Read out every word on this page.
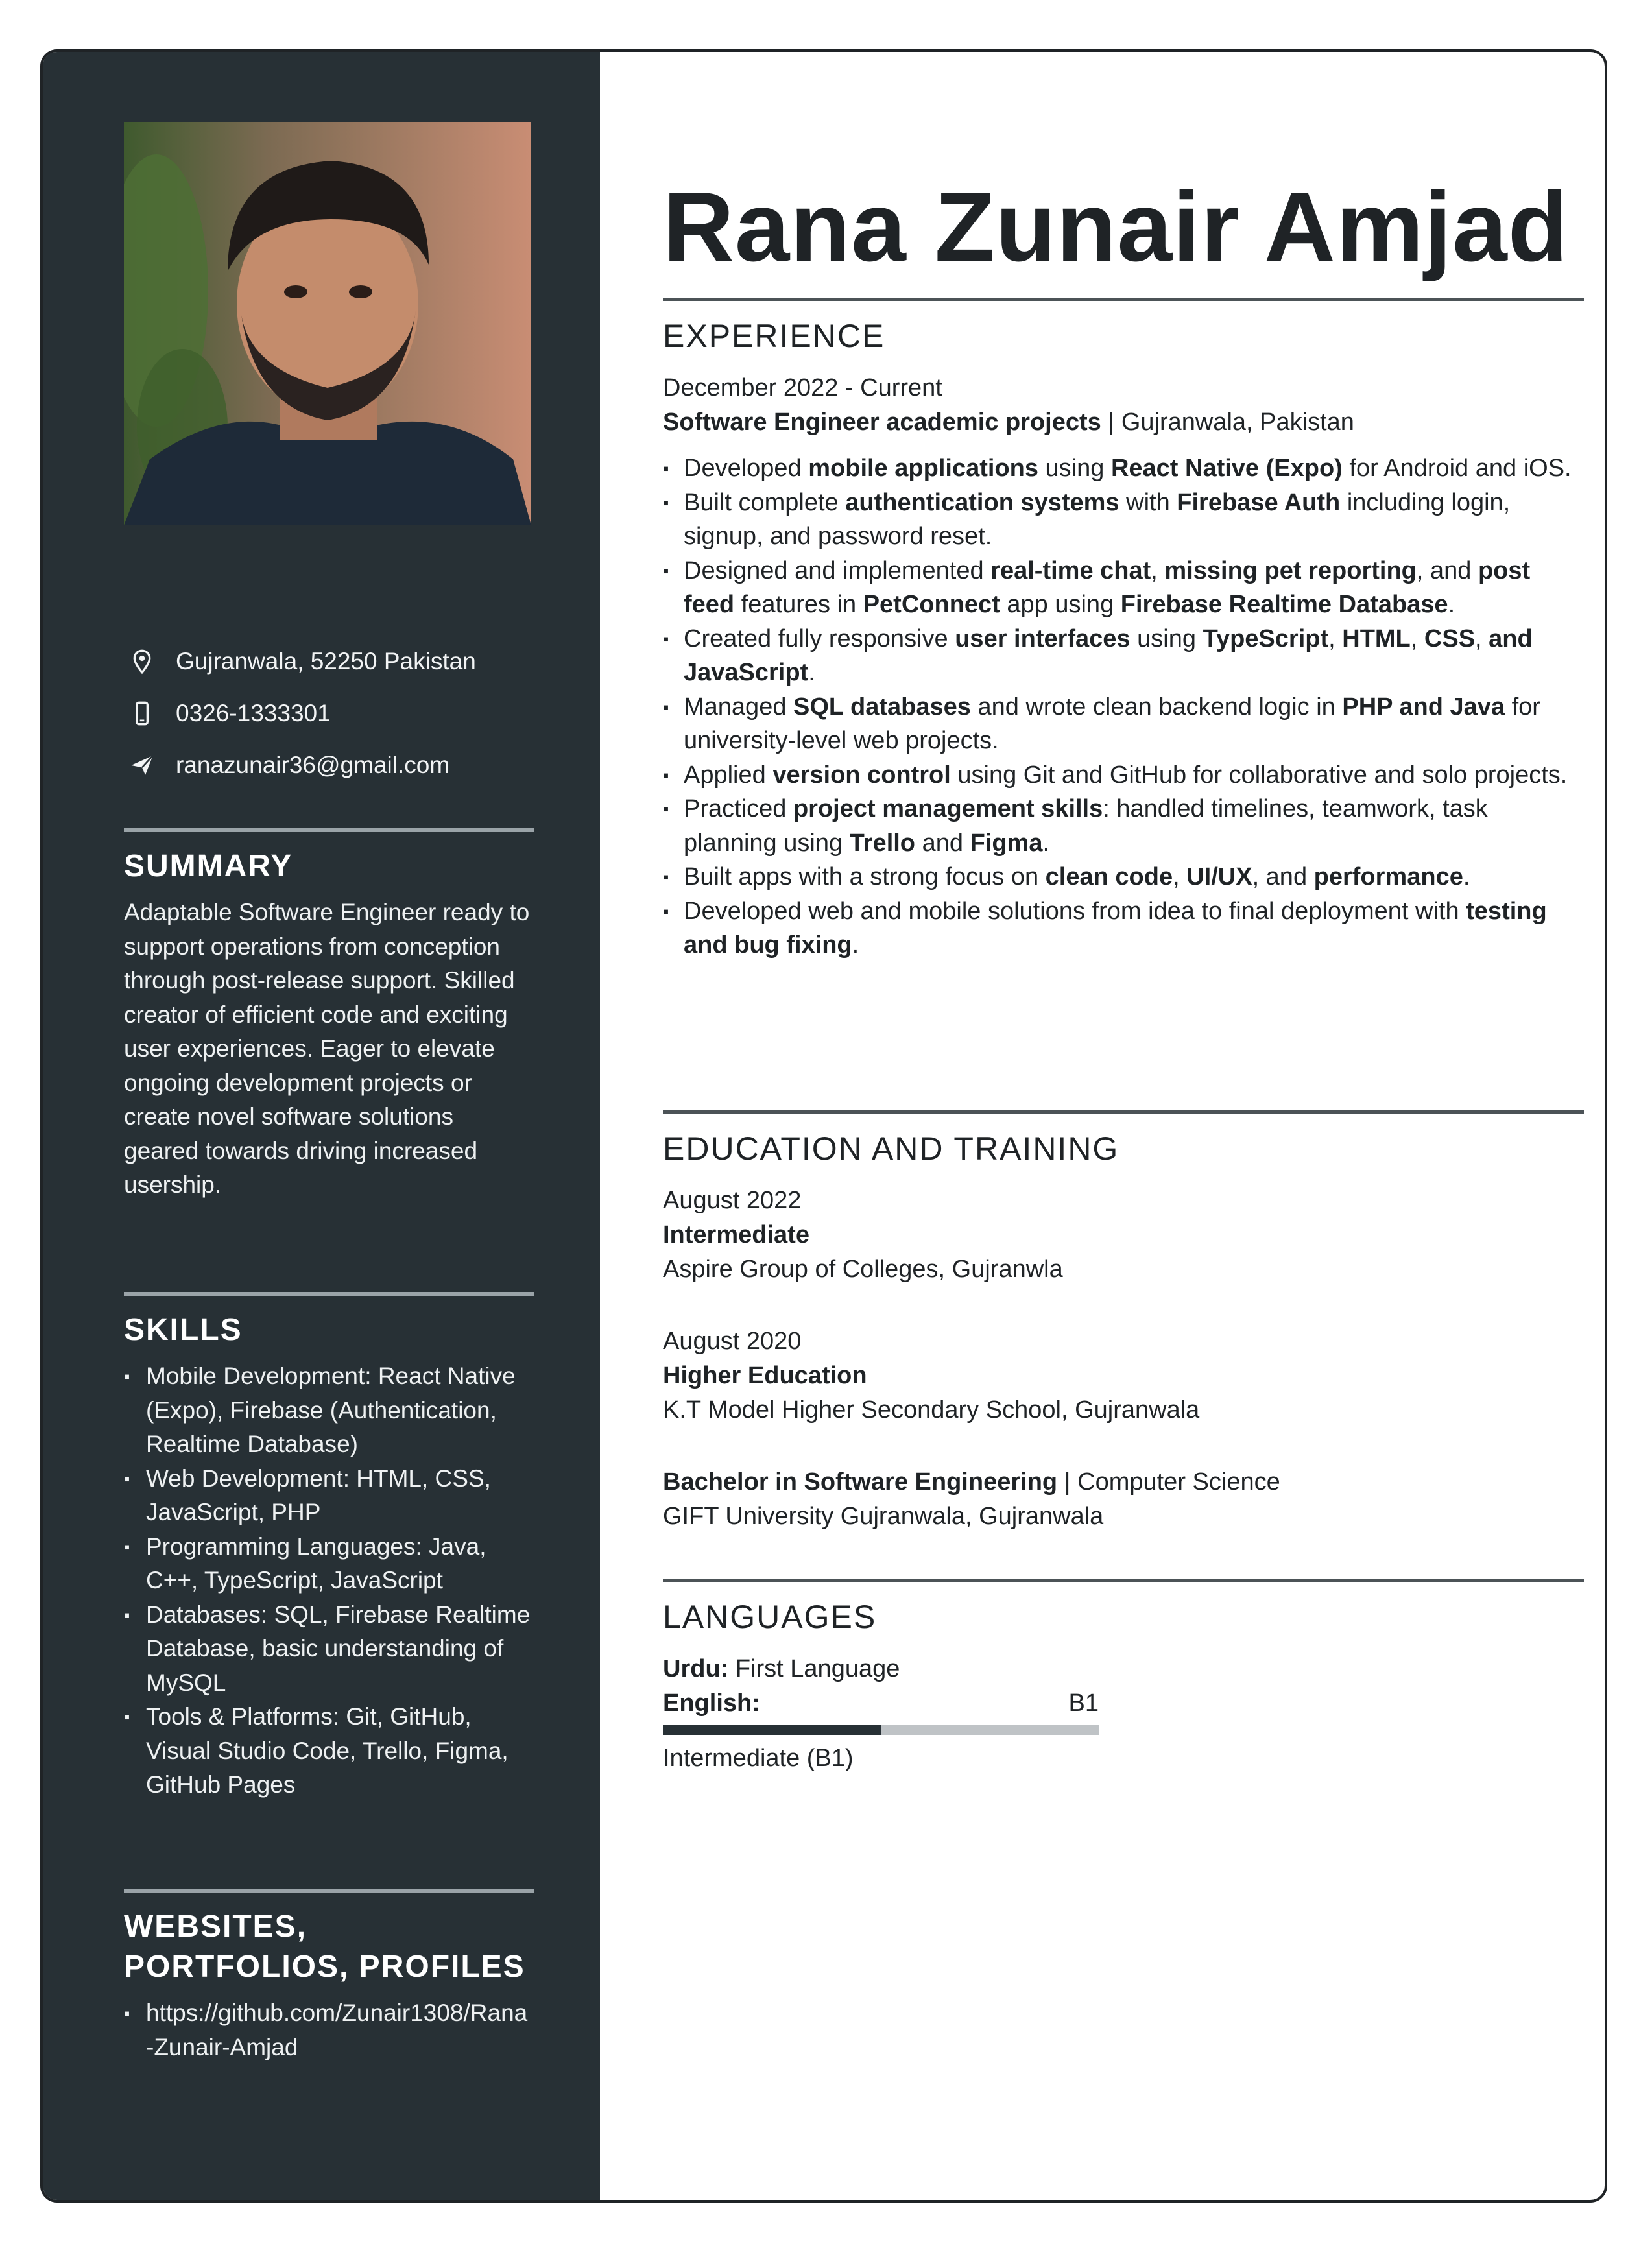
Gujranwala, 52250 Pakistan
0326-1333301
ranazunair36@gmail.com
SUMMARY
Adaptable Software Engineer ready to support operations from conception through post-release support. Skilled creator of efficient code and exciting user experiences. Eager to elevate ongoing development projects or create novel software solutions geared towards driving increased usership.
SKILLS
▪ Mobile Development: React Native (Expo), Firebase (Authentication, Realtime Database)
▪ Web Development: HTML, CSS, JavaScript, PHP
▪ Programming Languages: Java, C++, TypeScript, JavaScript
▪ Databases: SQL, Firebase Realtime Database, basic understanding of MySQL
▪ Tools & Platforms: Git, GitHub, Visual Studio Code, Trello, Figma, GitHub Pages
WEBSITES, PORTFOLIOS, PROFILES
▪ https://github.com/Zunair1308/Rana-Zunair-Amjad
Rana Zunair Amjad
EXPERIENCE
December 2022 - Current
Software Engineer academic projects | Gujranwala, Pakistan
▪ Developed mobile applications using React Native (Expo) for Android and iOS.
▪ Built complete authentication systems with Firebase Auth including login, signup, and password reset.
▪ Designed and implemented real-time chat, missing pet reporting, and post feed features in PetConnect app using Firebase Realtime Database.
▪ Created fully responsive user interfaces using TypeScript, HTML, CSS, and JavaScript.
▪ Managed SQL databases and wrote clean backend logic in PHP and Java for university-level web projects.
▪ Applied version control using Git and GitHub for collaborative and solo projects.
▪ Practiced project management skills: handled timelines, teamwork, task planning using Trello and Figma.
▪ Built apps with a strong focus on clean code, UI/UX, and performance.
▪ Developed web and mobile solutions from idea to final deployment with testing and bug fixing.
EDUCATION AND TRAINING
August 2022
Intermediate
Aspire Group of Colleges, Gujranwla
August 2020
Higher Education
K.T Model Higher Secondary School, Gujranwala
Bachelor in Software Engineering | Computer Science
GIFT University Gujranwala, Gujranwala
LANGUAGES
Urdu: First Language
English:	B1
Intermediate (B1)
